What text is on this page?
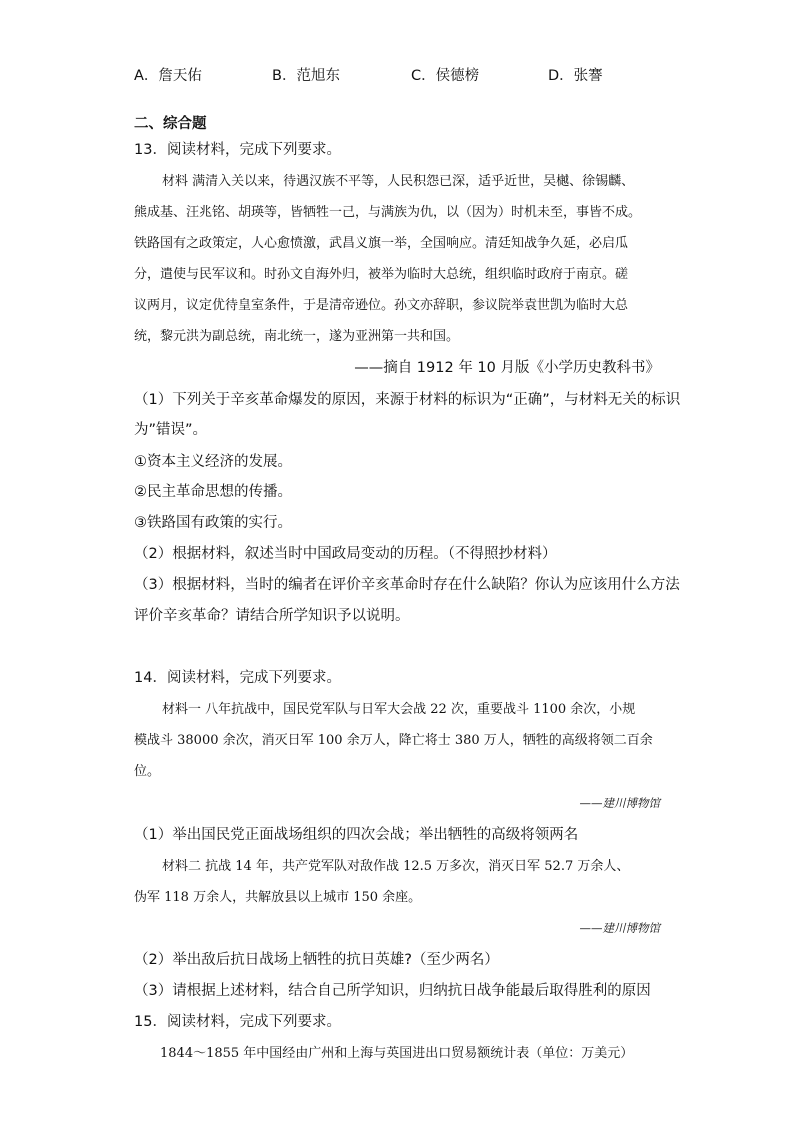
A．詹天佑	B．范旭东	C．侯德榜	D．张謇
二、综合题
13．阅读材料，完成下列要求。
材料 满清入关以来，待遇汉族不平等，人民积怨已深，适乎近世，吴樾、徐锡麟、
熊成基、汪兆铭、胡瑛等，皆牺牲一己，与满族为仇，以（因为）时机未至，事皆不成。
铁路国有之政策定，人心愈愤激，武昌义旗一举，全国响应。清廷知战争久延，必启瓜
分，遣使与民军议和。时孙文自海外归，被举为临时大总统，组织临时政府于南京。磋
议两月，议定优待皇室条件，于是清帝逊位。孙文亦辞职，参议院举袁世凯为临时大总
统，黎元洪为副总统，南北统一，遂为亚洲第一共和国。
——摘自 1912 年 10 月版《小学历史教科书》
（1）下列关于辛亥革命爆发的原因，来源于材料的标识为“正确”，与材料无关的标识
为”错误”。
①资本主义经济的发展。
②民主革命思想的传播。
③铁路国有政策的实行。
（2）根据材料，叙述当时中国政局变动的历程。（不得照抄材料）
（3）根据材料，当时的编者在评价辛亥革命时存在什么缺陷？你认为应该用什么方法
评价辛亥革命？请结合所学知识予以说明。
14．阅读材料，完成下列要求。
材料一 八年抗战中，国民党军队与日军大会战 22 次，重要战斗 1100 余次，小规
模战斗 38000 余次，消灭日军 100 余万人，降亡将士 380 万人，牺牲的高级将领二百余
位。
——建川博物馆
（1）举出国民党正面战场组织的四次会战；举出牺牲的高级将领两名
材料二 抗战 14 年，共产党军队对敌作战 12.5 万多次，消灭日军 52.7 万余人、
伪军 118 万余人，共解放县以上城市 150 余座。
——建川博物馆
（2）举出敌后抗日战场上牺牲的抗日英雄?（至少两名）
（3）请根据上述材料，结合自己所学知识，归纳抗日战争能最后取得胜利的原因
15．阅读材料，完成下列要求。
1844～1855 年中国经由广州和上海与英国进出口贸易额统计表（单位：万美元）
